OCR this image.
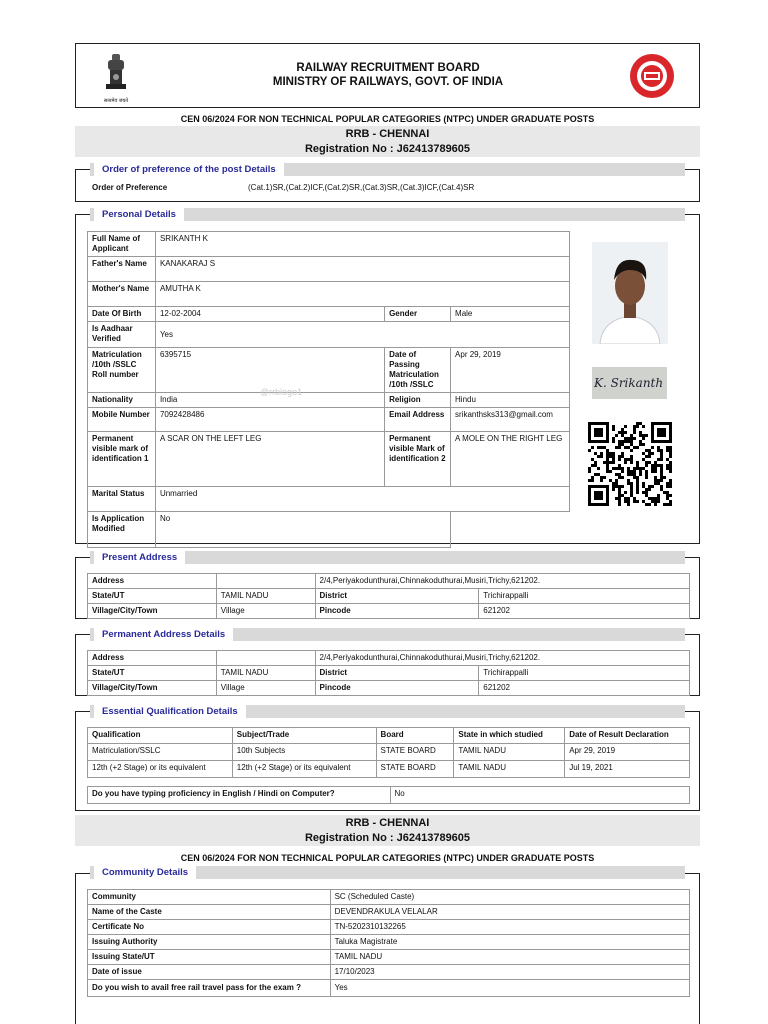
सत्यमेव जयते
RAILWAY RECRUITMENT BOARD
MINISTRY OF RAILWAYS, GOVT. OF INDIA
CEN 06/2024 FOR NON TECHNICAL POPULAR CATEGORIES (NTPC) UNDER GRADUATE POSTS
RRB - CHENNAI
Registration No : J62413789605
Order of preference of the post Details
Order of Preference	(Cat.1)SR,(Cat.2)ICF,(Cat.2)SR,(Cat.3)SR,(Cat.3)ICF,(Cat.4)SR
Personal Details
Full Name of Applicant	SRIKANTH K		
Father's Name	KANAKARAJ S		
Mother's Name	AMUTHA K		
Date Of Birth	12-02-2004	Gender	Male
Is Aadhaar Verified	Yes		
Matriculation /10th /SSLC Roll number	6395715	Date of Passing Matriculation /10th /SSLC	Apr 29, 2019
Nationality	India	Religion	Hindu
Mobile Number	7092428486	Email Address	srikanthsks313@gmail.com
Permanent visible mark of identification 1	A SCAR ON THE LEFT LEG	Permanent visible Mark of identification 2	A MOLE ON THE RIGHT LEG
Marital Status	Unmarried		
Is Application Modified	No		
@rrblogo1
K. Srikanth
Present Address
Address		2/4,Periyakodunthurai,Chinnakoduthurai,Musiri,Trichy,621202.	
State/UT	TAMIL NADU	District	Trichirappalli
Village/City/Town	Village	Pincode	621202
Permanent Address Details
Address		2/4,Periyakodunthurai,Chinnakoduthurai,Musiri,Trichy,621202.	
State/UT	TAMIL NADU	District	Trichirappalli
Village/City/Town	Village	Pincode	621202
Essential Qualification Details
Qualification	Subject/Trade	Board	State in which studied	Date of Result Declaration
Matriculation/SSLC	10th Subjects	STATE BOARD	TAMIL NADU	Apr 29, 2019
12th (+2 Stage) or its equivalent	12th (+2 Stage) or its equivalent	STATE BOARD	TAMIL NADU	Jul 19, 2021
Do you have typing proficiency in English / Hindi on Computer?	No
RRB - CHENNAI
Registration No : J62413789605
CEN 06/2024 FOR NON TECHNICAL POPULAR CATEGORIES (NTPC) UNDER GRADUATE POSTS
Community Details
Community	SC (Scheduled Caste)
Name of the Caste	DEVENDRAKULA VELALAR
Certificate No	TN-5202310132265
Issuing Authority	Taluka Magistrate
Issuing State/UT	TAMIL NADU
Date of issue	17/10/2023
Do you wish to avail free rail travel pass for the exam ?	Yes
